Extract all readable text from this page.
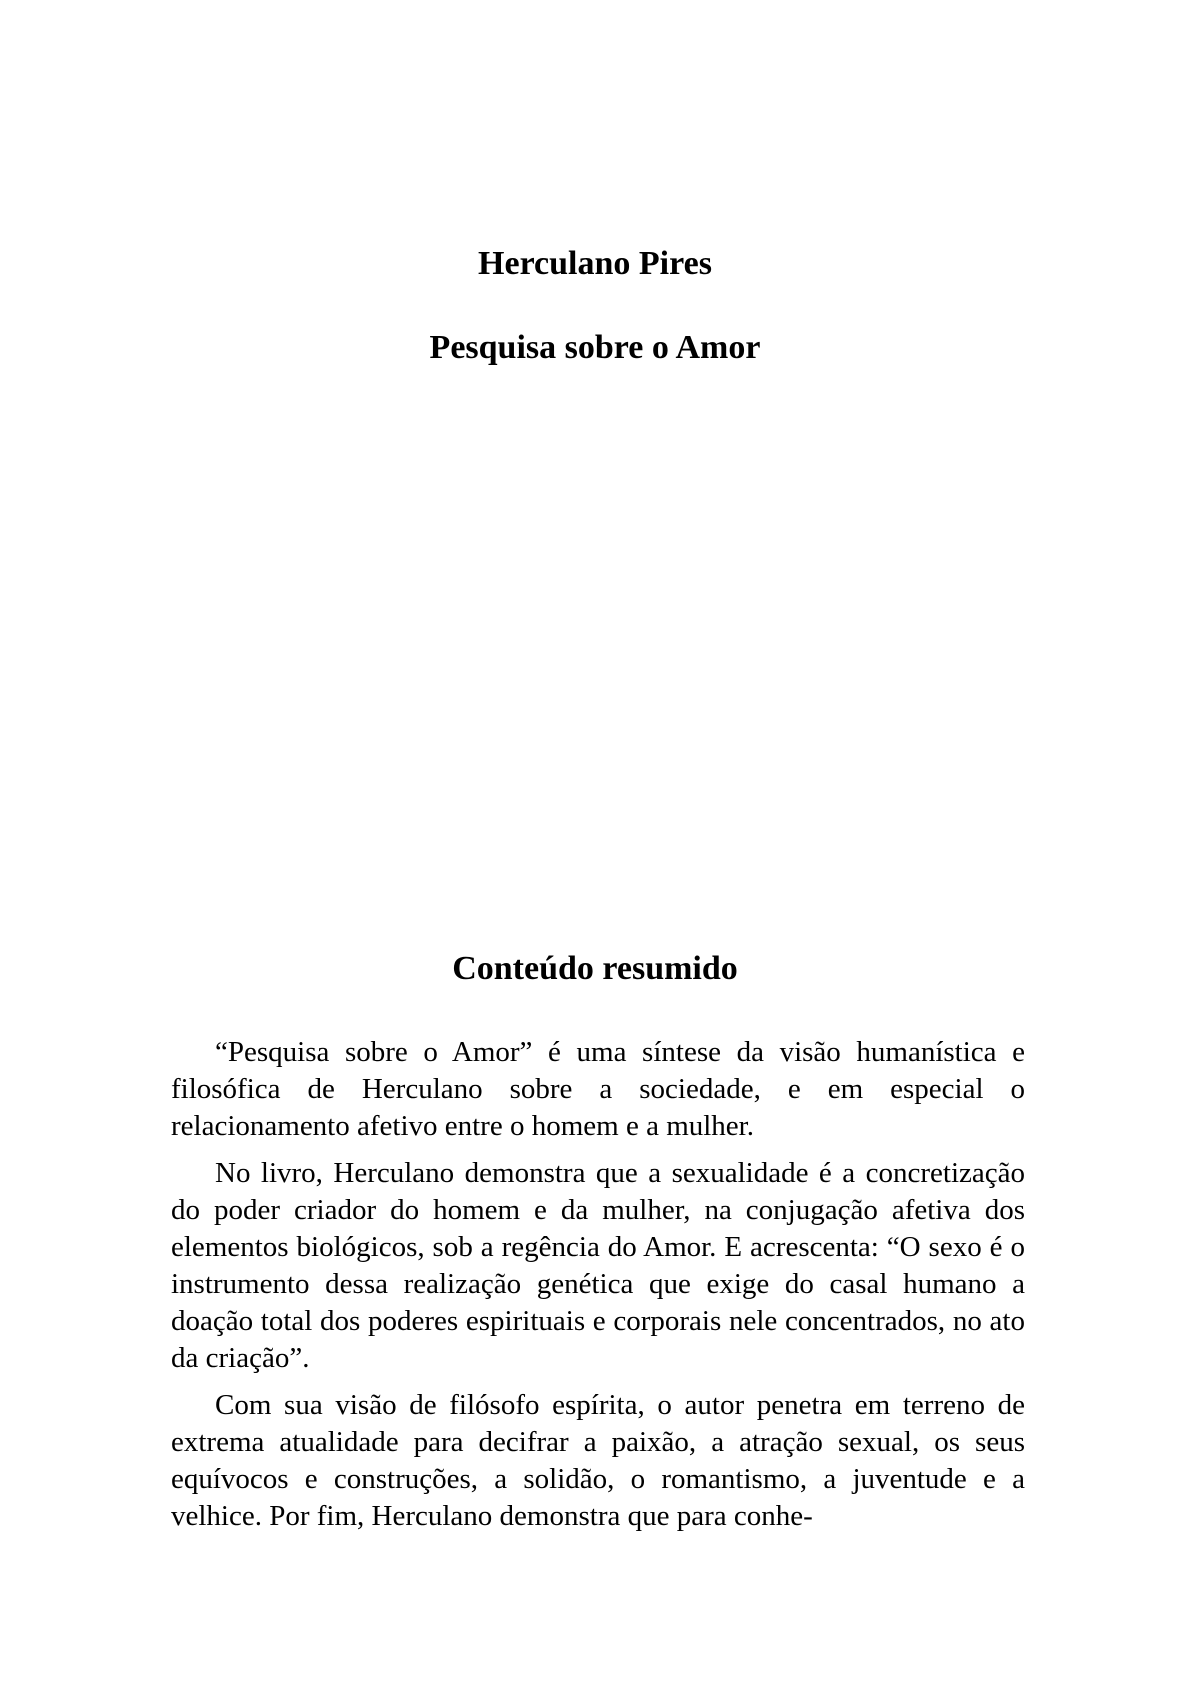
Herculano Pires
Pesquisa sobre o Amor
Conteúdo resumido

“Pesquisa sobre o Amor” é uma síntese da visão humanística e filosófica de Herculano sobre a sociedade, e em especial o relacionamento afetivo entre o homem e a mulher.

No livro, Herculano demonstra que a sexualidade é a concretização do poder criador do homem e da mulher, na conjugação afetiva dos elementos biológicos, sob a regência do Amor. E acrescenta: “O sexo é o instrumento dessa realização genética que exige do casal humano a doação total dos poderes espirituais e corporais nele concentrados, no ato da criação”.

Com sua visão de filósofo espírita, o autor penetra em terreno de extrema atualidade para decifrar a paixão, a atração sexual, os seus equívocos e construções, a solidão, o romantismo, a juventude e a velhice. Por fim, Herculano demonstra que para conhe-
